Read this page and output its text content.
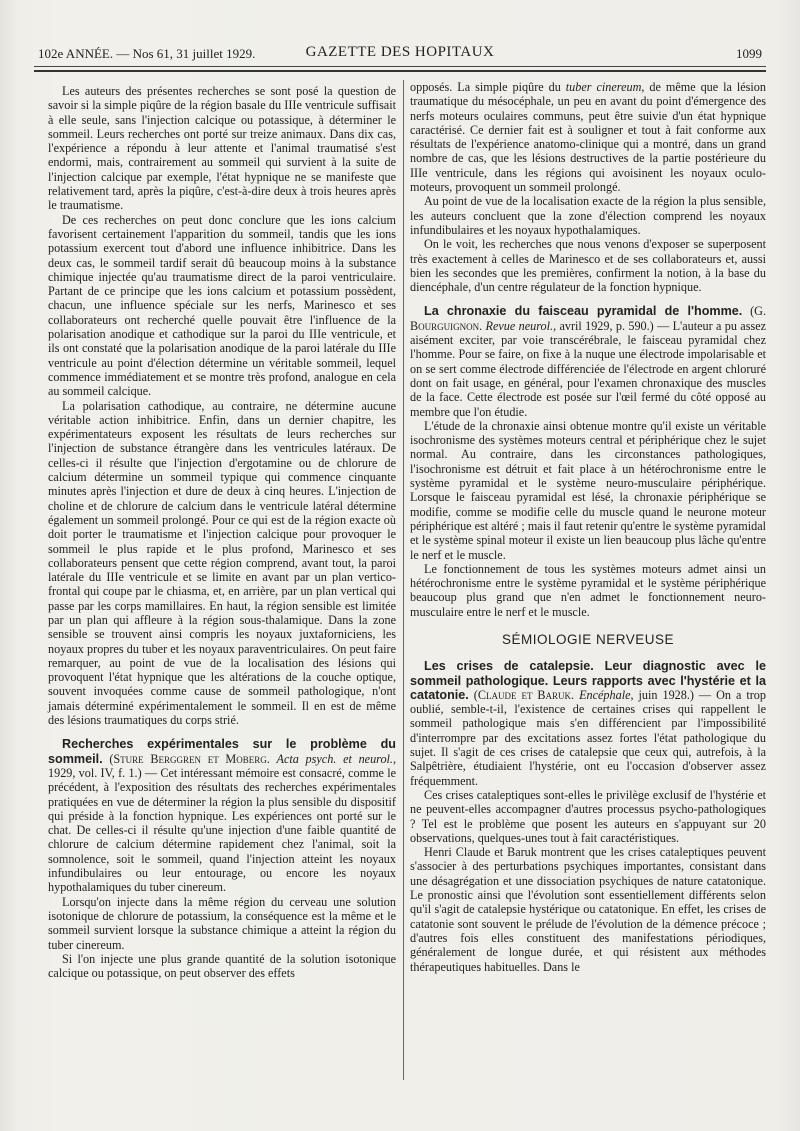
102e ANNÉE. — Nos 61, 31 juillet 1929.	GAZETTE DES HOPITAUX	1099

Les auteurs des présentes recherches se sont posé la question de savoir si la simple piqûre de la région basale du IIIe ventricule suffisait à elle seule, sans l'injection calcique ou potassique, à déterminer le sommeil. Leurs recherches ont porté sur treize animaux. Dans dix cas, l'expérience a répondu à leur attente et l'animal traumatisé s'est endormi, mais, contrairement au sommeil qui survient à la suite de l'injection calcique par exemple, l'état hypnique ne se manifeste que relativement tard, après la piqûre, c'est-à-dire deux à trois heures après le traumatisme.

De ces recherches on peut donc conclure que les ions calcium favorisent certainement l'apparition du sommeil, tandis que les ions potassium exercent tout d'abord une influence inhibitrice. Dans les deux cas, le sommeil tardif serait dû beaucoup moins à la substance chimique injectée qu'au traumatisme direct de la paroi ventriculaire. Partant de ce principe que les ions calcium et potassium possèdent, chacun, une influence spéciale sur les nerfs, Marinesco et ses collaborateurs ont recherché quelle pouvait être l'influence de la polarisation anodique et cathodique sur la paroi du IIIe ventricule, et ils ont constaté que la polarisation anodique de la paroi latérale du IIIe ventricule au point d'élection détermine un véritable sommeil, lequel commence immédiatement et se montre très profond, analogue en cela au sommeil calcique.

La polarisation cathodique, au contraire, ne détermine aucune véritable action inhibitrice. Enfin, dans un dernier chapitre, les expérimentateurs exposent les résultats de leurs recherches sur l'injection de substance étrangère dans les ventricules latéraux. De celles-ci il résulte que l'injection d'ergotamine ou de chlorure de calcium détermine un sommeil typique qui commence cinquante minutes après l'injection et dure de deux à cinq heures. L'injection de choline et de chlorure de calcium dans le ventricule latéral détermine également un sommeil prolongé. Pour ce qui est de la région exacte où doit porter le traumatisme et l'injection calcique pour provoquer le sommeil le plus rapide et le plus profond, Marinesco et ses collaborateurs pensent que cette région comprend, avant tout, la paroi latérale du IIIe ventricule et se limite en avant par un plan vertico-frontal qui coupe par le chiasma, et, en arrière, par un plan vertical qui passe par les corps mamillaires. En haut, la région sensible est limitée par un plan qui affleure à la région sous-thalamique. Dans la zone sensible se trouvent ainsi compris les noyaux juxtaforniciens, les noyaux propres du tuber et les noyaux paraventriculaires. On peut faire remarquer, au point de vue de la localisation des lésions qui provoquent l'état hypnique que les altérations de la couche optique, souvent invoquées comme cause de sommeil pathologique, n'ont jamais déterminé expérimentalement le sommeil. Il en est de même des lésions traumatiques du corps strié.

Recherches expérimentales sur le problème du sommeil. (Sture Berggren et Moberg. Acta psych. et neurol., 1929, vol. IV, f. 1.) — Cet intéressant mémoire est consacré, comme le précédent, à l'exposition des résultats des recherches expérimentales pratiquées en vue de déterminer la région la plus sensible du dispositif qui préside à la fonction hypnique. Les expériences ont porté sur le chat. De celles-ci il résulte qu'une injection d'une faible quantité de chlorure de calcium détermine rapidement chez l'animal, soit la somnolence, soit le sommeil, quand l'injection atteint les noyaux infundibulaires ou leur entourage, ou encore les noyaux hypothalamiques du tuber cinereum.

Lorsqu'on injecte dans la même région du cerveau une solution isotonique de chlorure de potassium, la conséquence est la même et le sommeil survient lorsque la substance chimique a atteint la région du tuber cinereum.

Si l'on injecte une plus grande quantité de la solution isotonique calcique ou potassique, on peut observer des effets

opposés. La simple piqûre du tuber cinereum, de même que la lésion traumatique du mésocéphale, un peu en avant du point d'émergence des nerfs moteurs oculaires communs, peut être suivie d'un état hypnique caractérisé. Ce dernier fait est à souligner et tout à fait conforme aux résultats de l'expérience anatomo-clinique qui a montré, dans un grand nombre de cas, que les lésions destructives de la partie postérieure du IIIe ventricule, dans les régions qui avoisinent les noyaux oculo-moteurs, provoquent un sommeil prolongé.

Au point de vue de la localisation exacte de la région la plus sensible, les auteurs concluent que la zone d'élection comprend les noyaux infundibulaires et les noyaux hypothalamiques.

On le voit, les recherches que nous venons d'exposer se superposent très exactement à celles de Marinesco et de ses collaborateurs et, aussi bien les secondes que les premières, confirment la notion, à la base du diencéphale, d'un centre régulateur de la fonction hypnique.

La chronaxie du faisceau pyramidal de l'homme. (G. Bourguignon. Revue neurol., avril 1929, p. 590.) — L'auteur a pu assez aisément exciter, par voie transcérébrale, le faisceau pyramidal chez l'homme. Pour se faire, on fixe à la nuque une électrode impolarisable et on se sert comme électrode différenciée de l'électrode en argent chloruré dont on fait usage, en général, pour l'examen chronaxique des muscles de la face. Cette électrode est posée sur l'œil fermé du côté opposé au membre que l'on étudie.

L'étude de la chronaxie ainsi obtenue montre qu'il existe un véritable isochronisme des systèmes moteurs central et périphérique chez le sujet normal. Au contraire, dans les circonstances pathologiques, l'isochronisme est détruit et fait place à un hétérochronisme entre le système pyramidal et le système neuro-musculaire périphérique. Lorsque le faisceau pyramidal est lésé, la chronaxie périphérique se modifie, comme se modifie celle du muscle quand le neurone moteur périphérique est altéré ; mais il faut retenir qu'entre le système pyramidal et le système spinal moteur il existe un lien beaucoup plus lâche qu'entre le nerf et le muscle.

Le fonctionnement de tous les systèmes moteurs admet ainsi un hétérochronisme entre le système pyramidal et le système périphérique beaucoup plus grand que n'en admet le fonctionnement neuro-musculaire entre le nerf et le muscle.

SÉMIOLOGIE NERVEUSE

Les crises de catalepsie. Leur diagnostic avec le sommeil pathologique. Leurs rapports avec l'hystérie et la catatonie. (Claude et Baruk. Encéphale, juin 1928.) — On a trop oublié, semble-t-il, l'existence de certaines crises qui rappellent le sommeil pathologique mais s'en différencient par l'impossibilité d'interrompre par des excitations assez fortes l'état pathologique du sujet. Il s'agit de ces crises de catalepsie que ceux qui, autrefois, à la Salpêtrière, étudiaient l'hystérie, ont eu l'occasion d'observer assez fréquemment.

Ces crises cataleptiques sont-elles le privilège exclusif de l'hystérie et ne peuvent-elles accompagner d'autres processus psycho-pathologiques ? Tel est le problème que posent les auteurs en s'appuyant sur 20 observations, quelques-unes tout à fait caractéristiques.

Henri Claude et Baruk montrent que les crises cataleptiques peuvent s'associer à des perturbations psychiques importantes, consistant dans une désagrégation et une dissociation psychiques de nature catatonique. Le pronostic ainsi que l'évolution sont essentiellement différents selon qu'il s'agit de catalepsie hystérique ou catatonique. En effet, les crises de catatonie sont souvent le prélude de l'évolution de la démence précoce ; d'autres fois elles constituent des manifestations périodiques, généralement de longue durée, et qui résistent aux méthodes thérapeutiques habituelles. Dans le
